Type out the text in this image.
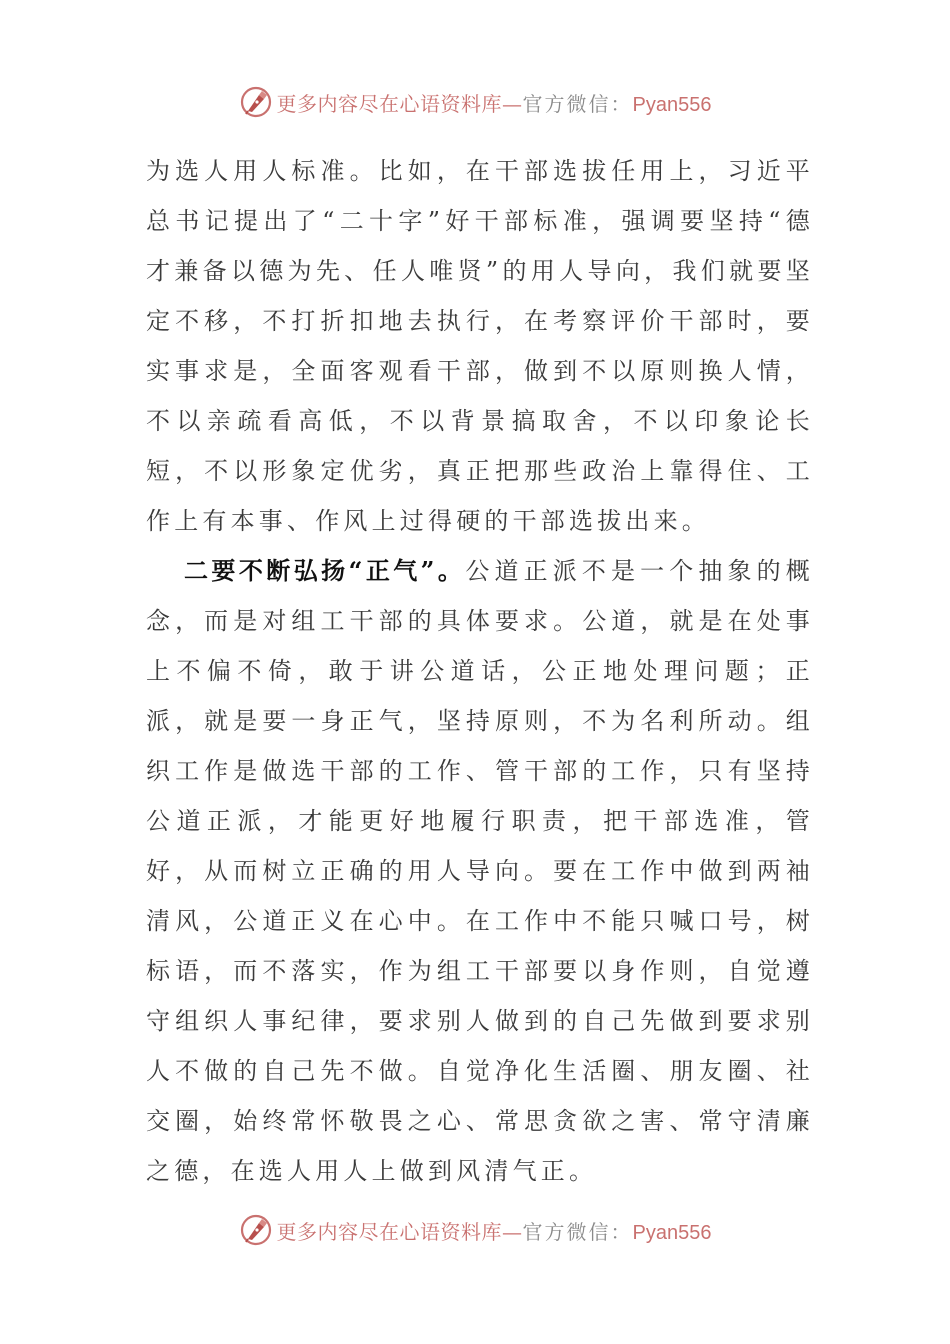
更多内容尽在心语资料库—官方微信：Pyan556

为选人用人标准。比如，在干部选拔任用上，习近平总书记提出了“二十字”好干部标准，强调要坚持“德才兼备以德为先、任人唯贤”的用人导向，我们就要坚定不移，不打折扣地去执行，在考察评价干部时，要实事求是，全面客观看干部，做到不以原则换人情，不以亲疏看高低，不以背景搞取舍，不以印象论长短，不以形象定优劣，真正把那些政治上靠得住、工作上有本事、作风上过得硬的干部选拔出来。

二要不断弘扬“正气”。公道正派不是一个抽象的概念，而是对组工干部的具体要求。公道，就是在处事上不偏不倚，敢于讲公道话，公正地处理问题；正派，就是要一身正气，坚持原则，不为名利所动。组织工作是做选干部的工作、管干部的工作，只有坚持公道正派，才能更好地履行职责，把干部选准，管好，从而树立正确的用人导向。要在工作中做到两袖清风，公道正义在心中。在工作中不能只喊口号，树标语，而不落实，作为组工干部要以身作则，自觉遵守组织人事纪律，要求别人做到的自己先做到要求别人不做的自己先不做。自觉净化生活圈、朋友圈、社交圈，始终常怀敬畏之心、常思贪欲之害、常守清廉之德，在选人用人上做到风清气正。

更多内容尽在心语资料库—官方微信：Pyan556
